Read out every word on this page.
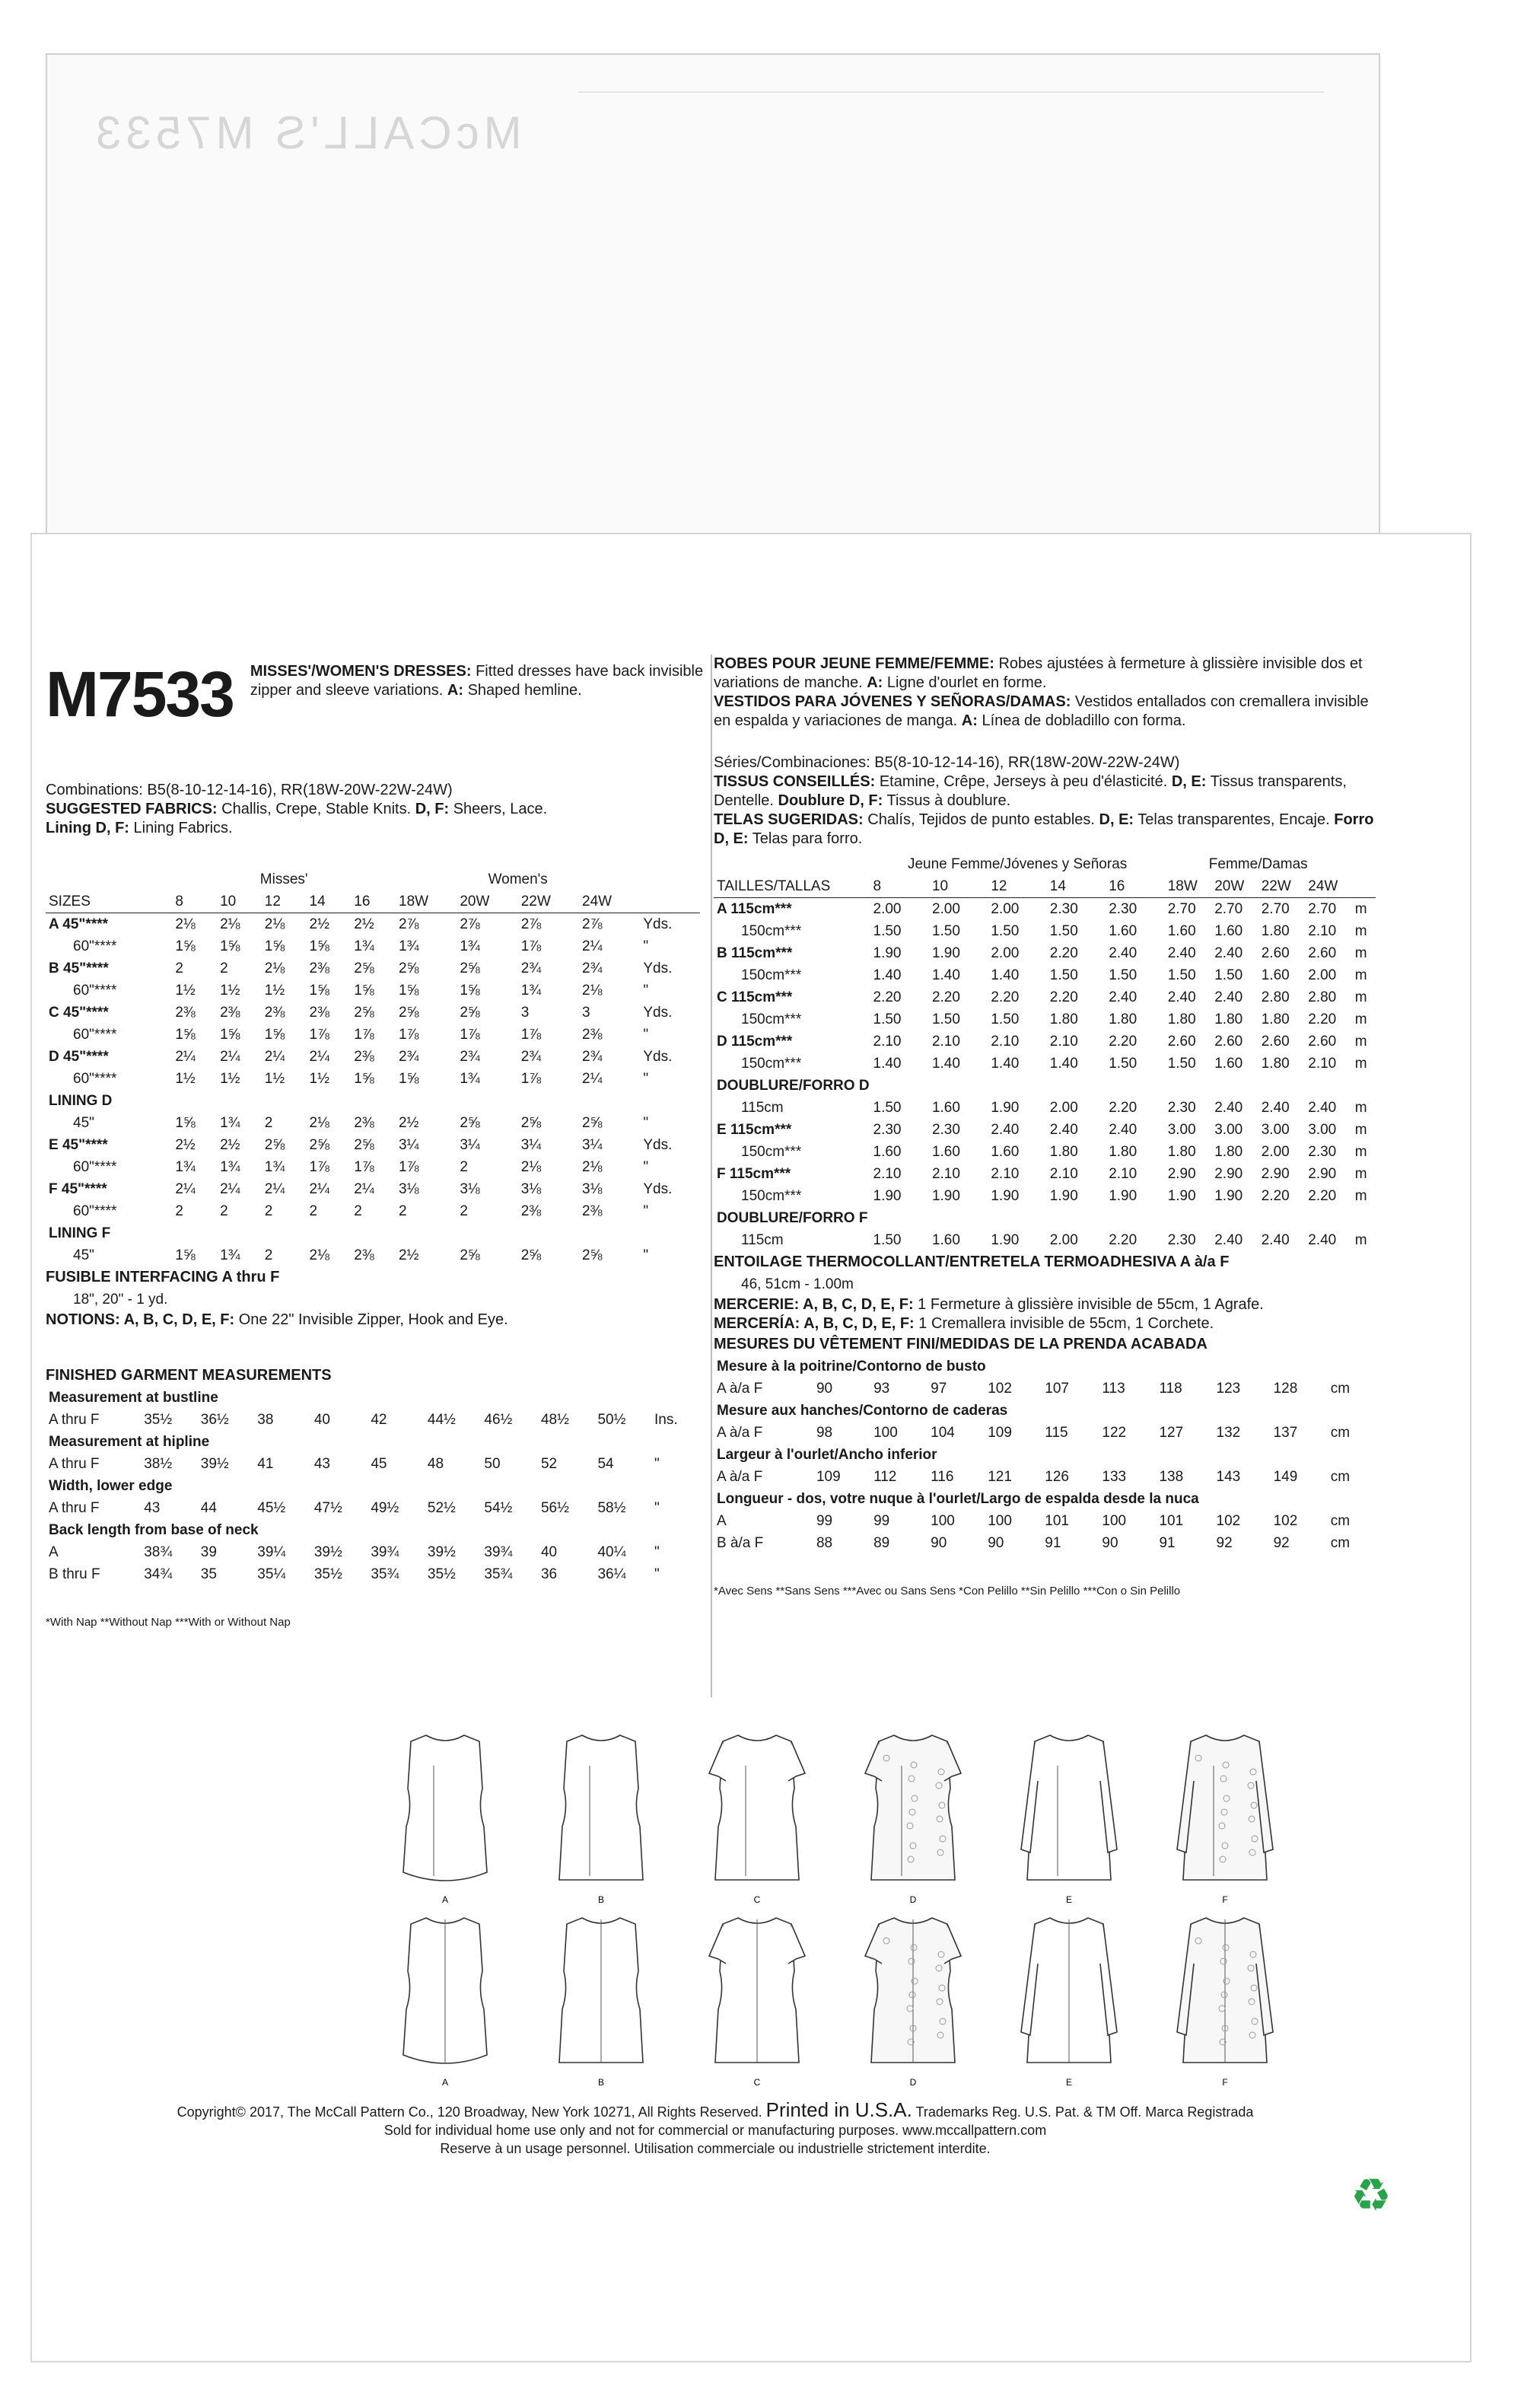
McCALL'S M7533
M7533 MISSES'/WOMEN'S DRESSES: Fitted dresses have back invisible zipper and sleeve variations. A: Shaped hemline.
Combinations: B5(8-10-12-14-16), RR(18W-20W-22W-24W)
SUGGESTED FABRICS: Challis, Crepe, Stable Knits. D, F: Sheers, Lace.
Lining D, F: Lining Fabrics.
	Misses'					Women's				
SIZES	8	10	12	14	16	18W	20W	22W	24W	
A 45"****	2⅛	2⅛	2⅛	2½	2½	2⅞	2⅞	2⅞	2⅞	Yds.
60"****	1⅝	1⅝	1⅝	1⅝	1¾	1¾	1¾	1⅞	2¼	"
B 45"****	2	2	2⅛	2⅜	2⅝	2⅝	2⅝	2¾	2¾	Yds.
60"****	1½	1½	1½	1⅝	1⅝	1⅝	1⅝	1¾	2⅛	"
C 45"****	2⅜	2⅜	2⅜	2⅜	2⅝	2⅝	2⅝	3	3	Yds.
60"****	1⅝	1⅝	1⅝	1⅞	1⅞	1⅞	1⅞	1⅞	2⅜	"
D 45"****	2¼	2¼	2¼	2¼	2⅜	2¾	2¾	2¾	2¾	Yds.
60"****	1½	1½	1½	1½	1⅝	1⅝	1¾	1⅞	2¼	"
LINING D										
45"	1⅝	1¾	2	2⅛	2⅜	2½	2⅝	2⅝	2⅝	"
E 45"****	2½	2½	2⅝	2⅝	2⅝	3¼	3¼	3¼	3¼	Yds.
60"****	1¾	1¾	1¾	1⅞	1⅞	1⅞	2	2⅛	2⅛	"
F 45"****	2¼	2¼	2¼	2¼	2¼	3⅛	3⅛	3⅛	3⅛	Yds.
60"****	2	2	2	2	2	2	2	2⅜	2⅜	"
LINING F										
45"	1⅝	1¾	2	2⅛	2⅜	2½	2⅝	2⅝	2⅝	"
FUSIBLE INTERFACING A thru F
18", 20" - 1 yd.
NOTIONS: A, B, C, D, E, F: One 22" Invisible Zipper, Hook and Eye.
FINISHED GARMENT MEASUREMENTS
Measurement at bustline										
A thru F	35½	36½	38	40	42	44½	46½	48½	50½	Ins.
Measurement at hipline										
A thru F	38½	39½	41	43	45	48	50	52	54	"
Width, lower edge										
A thru F	43	44	45½	47½	49½	52½	54½	56½	58½	"
Back length from base of neck										
A	38¾	39	39¼	39½	39¾	39½	39¾	40	40¼	"
B thru F	34¾	35	35¼	35½	35¾	35½	35¾	36	36¼	"
*With Nap **Without Nap ***With or Without Nap
ROBES POUR JEUNE FEMME/FEMME: Robes ajustées à fermeture à glissière invisible dos et variations de manche. A: Ligne d'ourlet en forme.
VESTIDOS PARA JÓVENES Y SEÑORAS/DAMAS: Vestidos entallados con cremallera invisible en espalda y variaciones de manga. A: Línea de dobladillo con forma.
Séries/Combinaciones: B5(8-10-12-14-16), RR(18W-20W-22W-24W)
TISSUS CONSEILLÉS: Etamine, Crêpe, Jerseys à peu d'élasticité. D, E: Tissus transparents, Dentelle. Doublure D, F: Tissus à doublure.
TELAS SUGERIDAS: Chalís, Tejidos de punto estables. D, E: Telas transparentes, Encaje. Forro D, E: Telas para forro.
	Jeune Femme/Jóvenes y Señoras					Femme/Damas				
TAILLES/TALLAS	8	10	12	14	16	18W	20W	22W	24W	
A 115cm***	2.00	2.00	2.00	2.30	2.30	2.70	2.70	2.70	2.70	m
150cm***	1.50	1.50	1.50	1.50	1.60	1.60	1.60	1.80	2.10	m
B 115cm***	1.90	1.90	2.00	2.20	2.40	2.40	2.40	2.60	2.60	m
150cm***	1.40	1.40	1.40	1.50	1.50	1.50	1.50	1.60	2.00	m
C 115cm***	2.20	2.20	2.20	2.20	2.40	2.40	2.40	2.80	2.80	m
150cm***	1.50	1.50	1.50	1.80	1.80	1.80	1.80	1.80	2.20	m
D 115cm***	2.10	2.10	2.10	2.10	2.20	2.60	2.60	2.60	2.60	m
150cm***	1.40	1.40	1.40	1.40	1.50	1.50	1.60	1.80	2.10	m
DOUBLURE/FORRO D										
115cm	1.50	1.60	1.90	2.00	2.20	2.30	2.40	2.40	2.40	m
E 115cm***	2.30	2.30	2.40	2.40	2.40	3.00	3.00	3.00	3.00	m
150cm***	1.60	1.60	1.60	1.80	1.80	1.80	1.80	2.00	2.30	m
F 115cm***	2.10	2.10	2.10	2.10	2.10	2.90	2.90	2.90	2.90	m
150cm***	1.90	1.90	1.90	1.90	1.90	1.90	1.90	2.20	2.20	m
DOUBLURE/FORRO F										
115cm	1.50	1.60	1.90	2.00	2.20	2.30	2.40	2.40	2.40	m
ENTOILAGE THERMOCOLLANT/ENTRETELA TERMOADHESIVA A à/a F
46, 51cm - 1.00m
MERCERIE: A, B, C, D, E, F: 1 Fermeture à glissière invisible de 55cm, 1 Agrafe.
MERCERÍA: A, B, C, D, E, F: 1 Cremallera invisible de 55cm, 1 Corchete.
MESURES DU VÊTEMENT FINI/MEDIDAS DE LA PRENDA ACABADA
Mesure à la poitrine/Contorno de busto										
A à/a F	90	93	97	102	107	113	118	123	128	cm
Mesure aux hanches/Contorno de caderas										
A à/a F	98	100	104	109	115	122	127	132	137	cm
Largeur à l'ourlet/Ancho inferior										
A à/a F	109	112	116	121	126	133	138	143	149	cm
Longueur - dos, votre nuque à l'ourlet/Largo de espalda desde la nuca										
A	99	99	100	100	101	100	101	102	102	cm
B à/a F	88	89	90	90	91	90	91	92	92	cm
*Avec Sens **Sans Sens ***Avec ou Sans Sens *Con Pelillo **Sin Pelillo ***Con o Sin Pelillo
A	B	C	D	E	F
A	B	C	D	E	F
Copyright© 2017, The McCall Pattern Co., 120 Broadway, New York 10271, All Rights Reserved. Printed in U.S.A. Trademarks Reg. U.S. Pat. & TM Off. Marca Registrada
Sold for individual home use only and not for commercial or manufacturing purposes. www.mccallpattern.com
Reserve à un usage personnel. Utilisation commerciale ou industrielle strictement interdite.
♻
